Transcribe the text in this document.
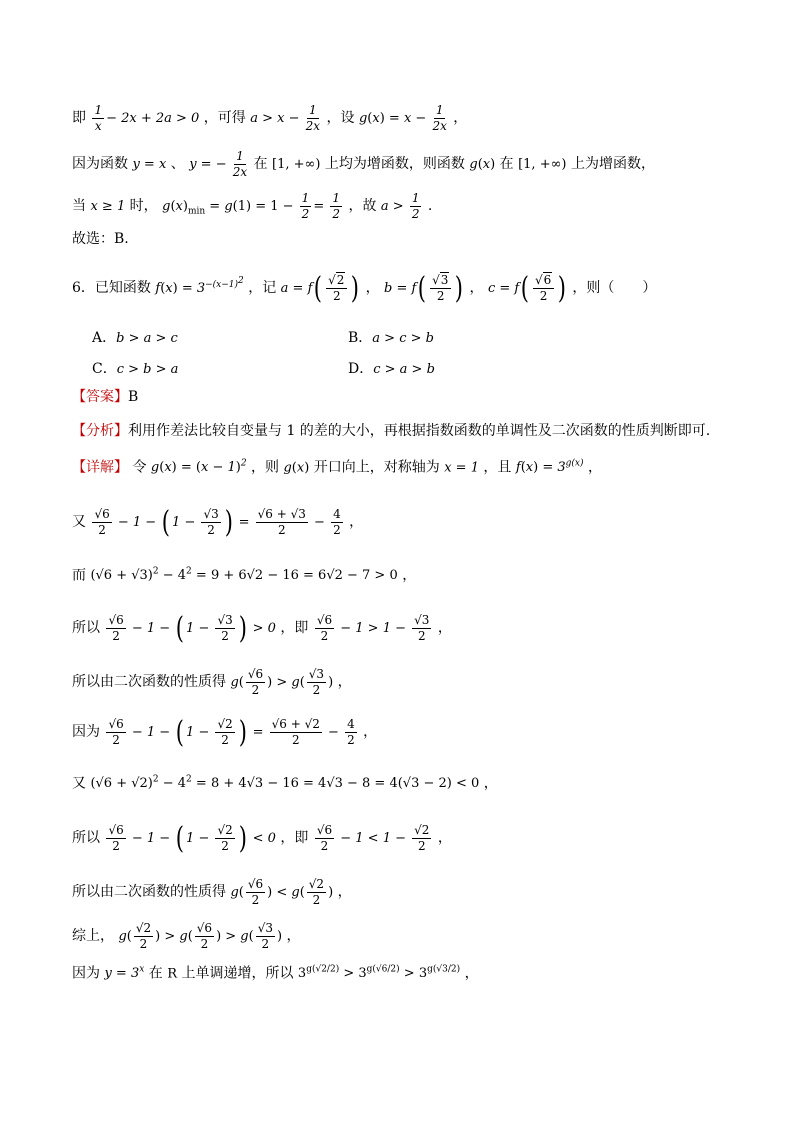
即 $\frac{1}{x} - 2x + 2a > 0$ ，可得 $a > x - \frac{1}{2x}$ ，设 $g(x) = x - \frac{1}{2x}$ ，
因为函数 y = x 、 y = − $\frac{1}{2x}$ 在 [1, +∞) 上均为增函数，则函数 g(x) 在 [1, +∞) 上为增函数，
当 x ≥ 1 时， $g(x)_{min} = g(1) = 1 - \frac{1}{2} = \frac{1}{2}$ ，故 $a > \frac{1}{2}$ .
故选：B.
6．已知函数 $f(x) = 3^{-(x-1)^2}$ ，记 $a = f( \frac{√2}{2}$ ) ， $b = f( \frac{√3}{2}$ ) ， $c = f( \frac{√6}{2}$ ) ，则（　　）
A．b > a > c	B．a > c > b
C．c > b > a	D．c > a > b
【答案】B
【分析】利用作差法比较自变量与 1 的差的大小，再根据指数函数的单调性及二次函数的性质判断即可.
【详解】 令 $g(x) = (x - 1)^2$ ，则 g(x) 开口向上，对称轴为 x = 1 ，且 $f(x) = 3^{g(x)}$ ，
又 $\frac{√6}{2} - 1$ − ( $1 - \frac{√3}{2}$ ) = $\frac{√6 + √3}{2} - \frac{4}{2}$ ，
而 $(√6 + √3)^2 - 4^2 = 9 + 6√2 - 16 = 6√2 - 7 > 0$ ，
所以 $\frac{√6}{2} - 1$ − ( $1 - \frac{√3}{2}$ ) > 0 ，即 $\frac{√6}{2} - 1 > 1 - \frac{√3}{2}$ ，
所以由二次函数的性质得 $g( \frac{√6}{2}$ ) > $g( \frac{√3}{2}$ ) ，
因为 $\frac{√6}{2} - 1$ − ( $1 - \frac{√2}{2}$ ) = $\frac{√6 + √2}{2} - \frac{4}{2}$ ，
又 $(√6 + √2)^2 - 4^2 = 8 + 4√3 - 16 = 4√3 - 8 = 4(√3 - 2) < 0$ ，
所以 $\frac{√6}{2} - 1$ − ( $1 - \frac{√2}{2}$ ) < 0 ，即 $\frac{√6}{2} - 1 < 1 - \frac{√2}{2}$ ，
所以由二次函数的性质得 $g( \frac{√6}{2}$ ) < $g( \frac{√2}{2}$ ) ，
综上， $g( \frac{√2}{2}$ ) > $g( \frac{√6}{2}$ ) > $g( \frac{√3}{2}$ ) ，
因为 $y = 3^x$ 在 R 上单调递增，所以 $3^{g(√2/2)} > 3^{g(√6/2)} > 3^{g(√3/2)}$ ，
